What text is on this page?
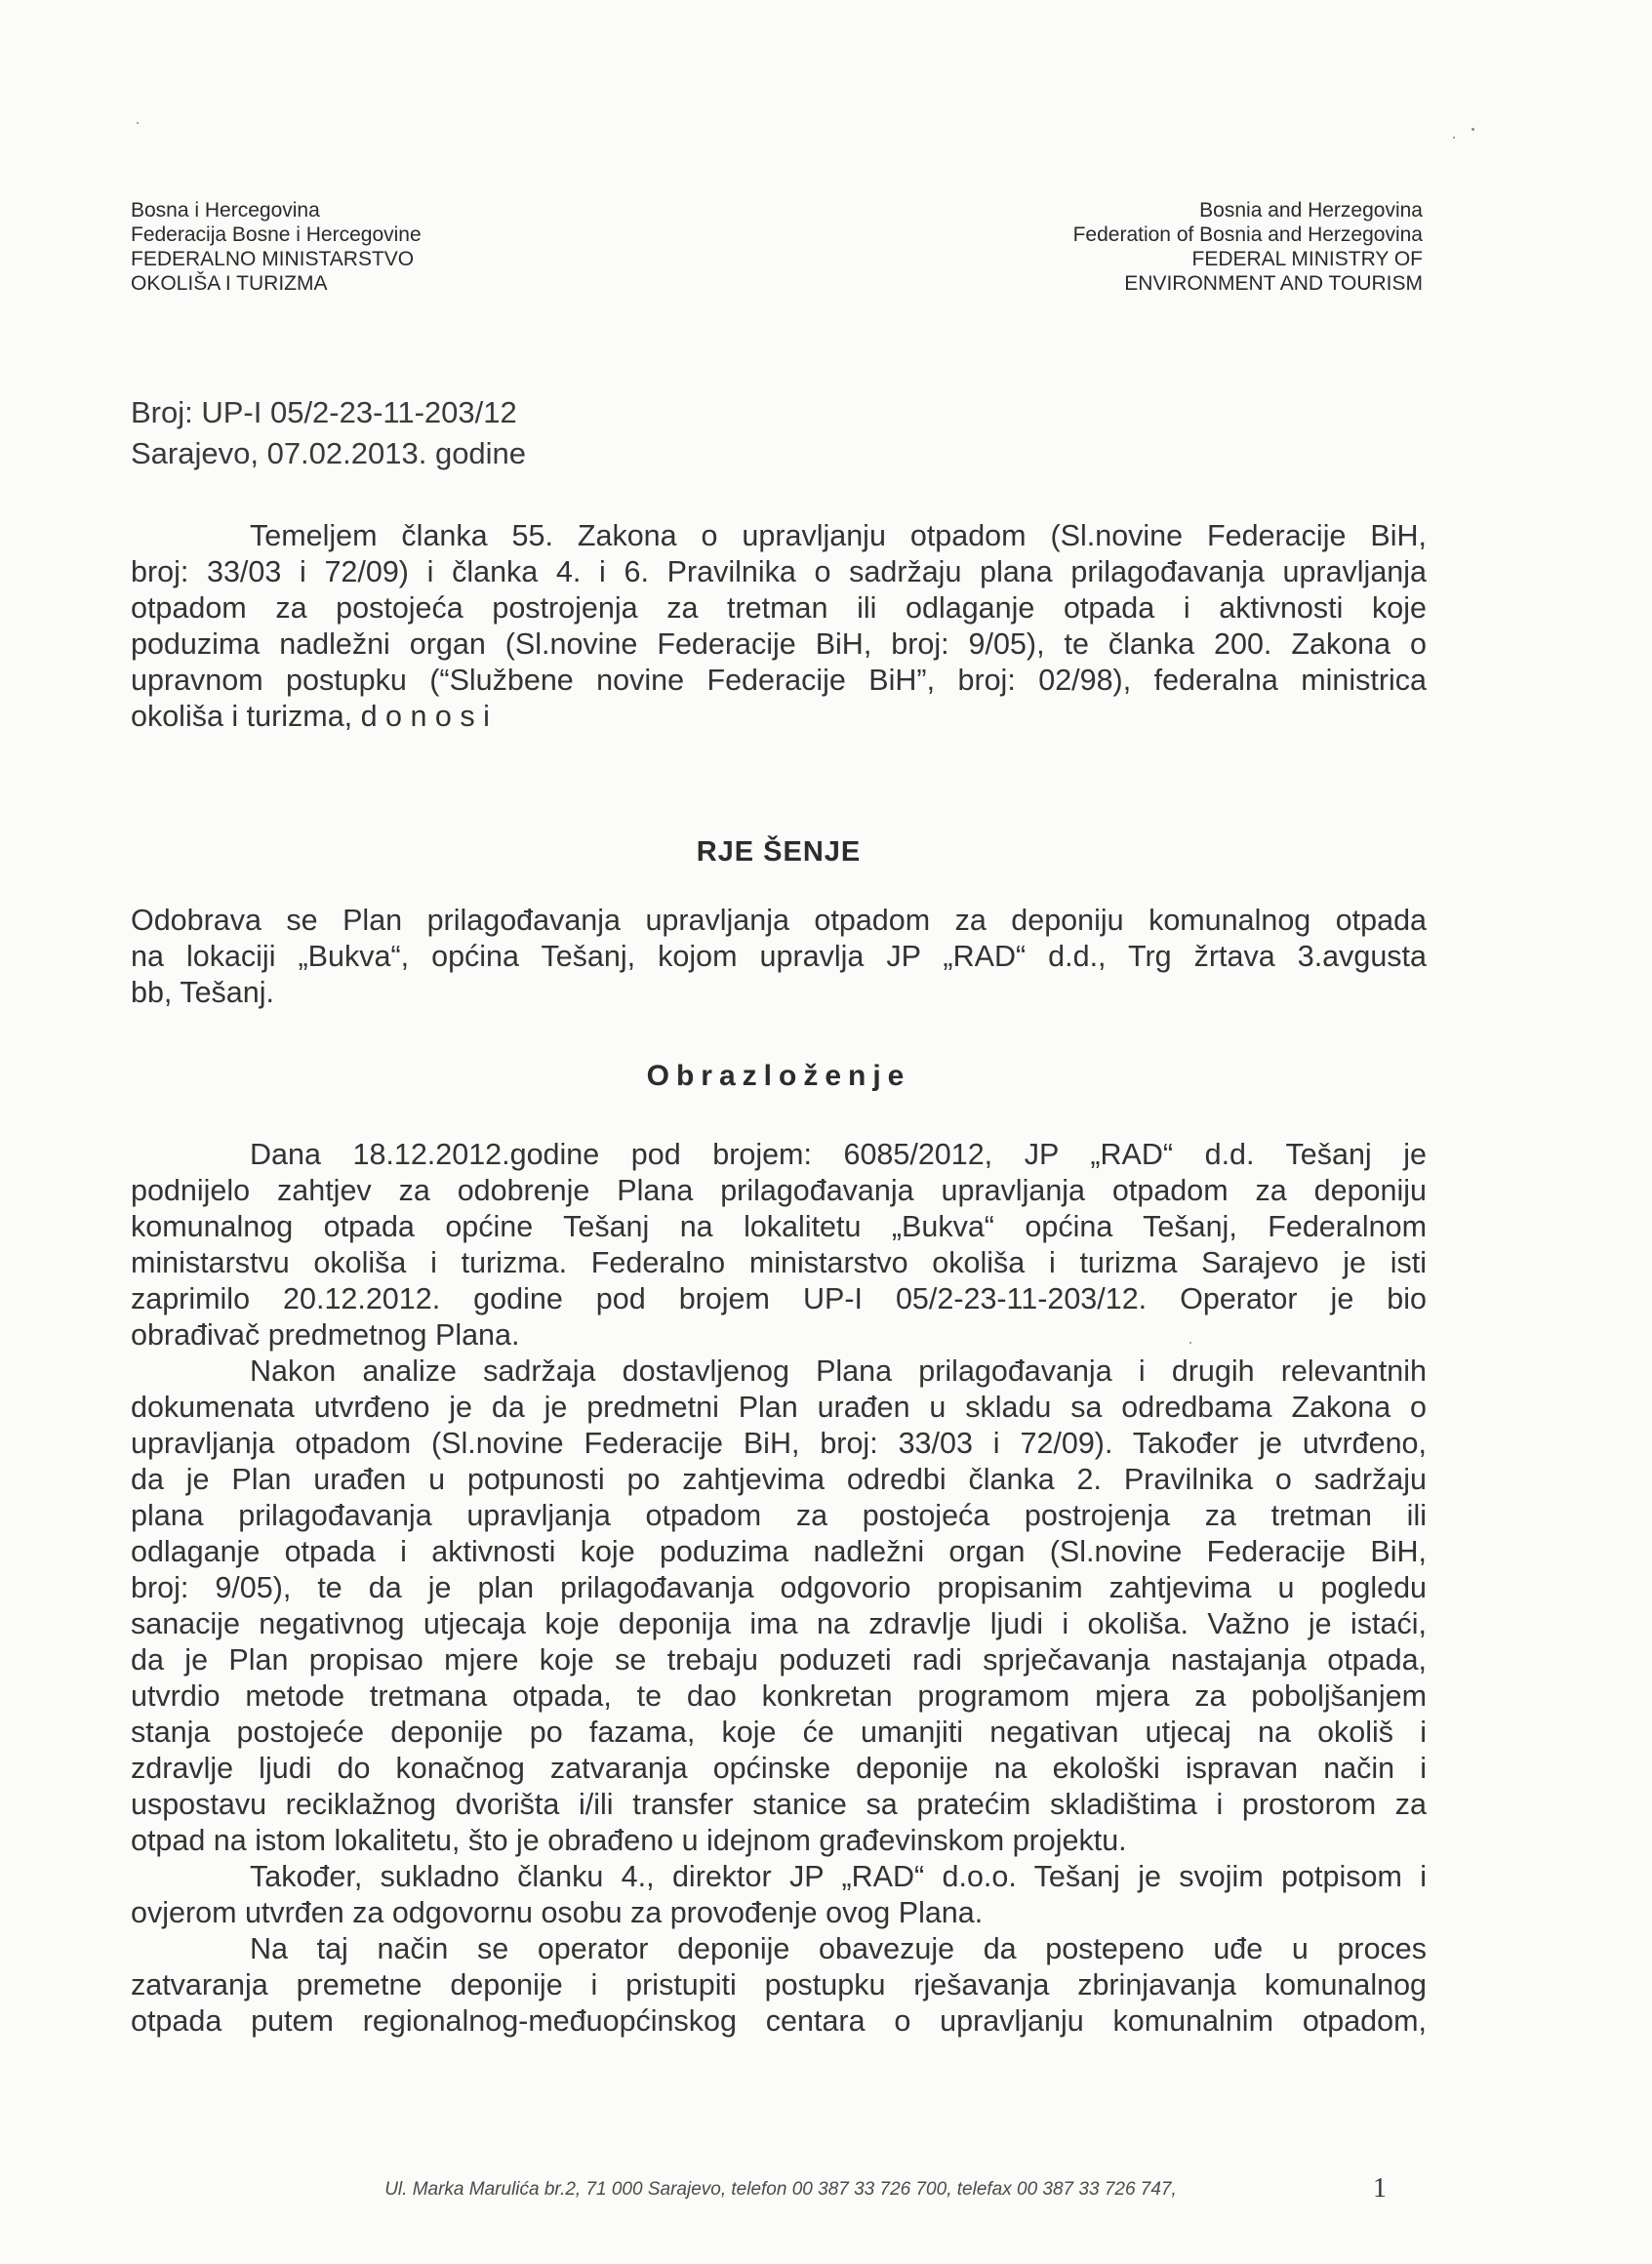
Bosna i Hercegovina
Federacija Bosne i Hercegovine
FEDERALNO MINISTARSTVO
OKOLIŠA I TURIZMA
Bosnia and Herzegovina
Federation of Bosnia and Herzegovina
FEDERAL MINISTRY OF
ENVIRONMENT AND TOURISM
Broj: UP-I 05/2-23-11-203/12
Sarajevo, 07.02.2013. godine
Temeljem članka 55. Zakona o upravljanju otpadom (Sl.novine Federacije BiH,
broj: 33/03 i 72/09) i članka 4. i 6. Pravilnika o sadržaju plana prilagođavanja upravljanja
otpadom za postojeća postrojenja za tretman ili odlaganje otpada i aktivnosti koje
poduzima nadležni organ (Sl.novine Federacije BiH, broj: 9/05), te članka 200. Zakona o
upravnom postupku (“Službene novine Federacije BiH”, broj: 02/98), federalna ministrica
okoliša i turizma, d o n o s i
RJE ŠENJE
Odobrava se Plan prilagođavanja upravljanja otpadom za deponiju komunalnog otpada
na lokaciji „Bukva“, općina Tešanj, kojom upravlja JP „RAD“ d.d., Trg žrtava 3.avgusta
bb, Tešanj.
Obrazloženje
Dana 18.12.2012.godine pod brojem: 6085/2012, JP „RAD“ d.d. Tešanj je
podnijelo zahtjev za odobrenje Plana prilagođavanja upravljanja otpadom za deponiju
komunalnog otpada općine Tešanj na lokalitetu „Bukva“ općina Tešanj, Federalnom
ministarstvu okoliša i turizma. Federalno ministarstvo okoliša i turizma Sarajevo je isti
zaprimilo 20.12.2012. godine pod brojem UP-I 05/2-23-11-203/12. Operator je bio
obrađivač predmetnog Plana.
Nakon analize sadržaja dostavljenog Plana prilagođavanja i drugih relevantnih
dokumenata utvrđeno je da je predmetni Plan urađen u skladu sa odredbama Zakona o
upravljanja otpadom (Sl.novine Federacije BiH, broj: 33/03 i 72/09). Također je utvrđeno,
da je Plan urađen u potpunosti po zahtjevima odredbi članka 2. Pravilnika o sadržaju
plana prilagođavanja upravljanja otpadom za postojeća postrojenja za tretman ili
odlaganje otpada i aktivnosti koje poduzima nadležni organ (Sl.novine Federacije BiH,
broj: 9/05), te da je plan prilagođavanja odgovorio propisanim zahtjevima u pogledu
sanacije negativnog utjecaja koje deponija ima na zdravlje ljudi i okoliša. Važno je istaći,
da je Plan propisao mjere koje se trebaju poduzeti radi sprječavanja nastajanja otpada,
utvrdio metode tretmana otpada, te dao konkretan programom mjera za poboljšanjem
stanja postojeće deponije po fazama, koje će umanjiti negativan utjecaj na okoliš i
zdravlje ljudi do konačnog zatvaranja općinske deponije na ekološki ispravan način i
uspostavu reciklažnog dvorišta i/ili transfer stanice sa pratećim skladištima i prostorom za
otpad na istom lokalitetu, što je obrađeno u idejnom građevinskom projektu.
Također, sukladno članku 4., direktor JP „RAD“ d.o.o. Tešanj je svojim potpisom i
ovjerom utvrđen za odgovornu osobu za provođenje ovog Plana.
Na taj način se operator deponije obavezuje da postepeno uđe u proces
zatvaranja premetne deponije i pristupiti postupku rješavanja zbrinjavanja komunalnog
otpada putem regionalnog-međuopćinskog centara o upravljanju komunalnim otpadom,
Ul. Marka Marulića br.2, 71 000 Sarajevo, telefon 00 387 33 726 700, telefax 00 387 33 726 747,	1
